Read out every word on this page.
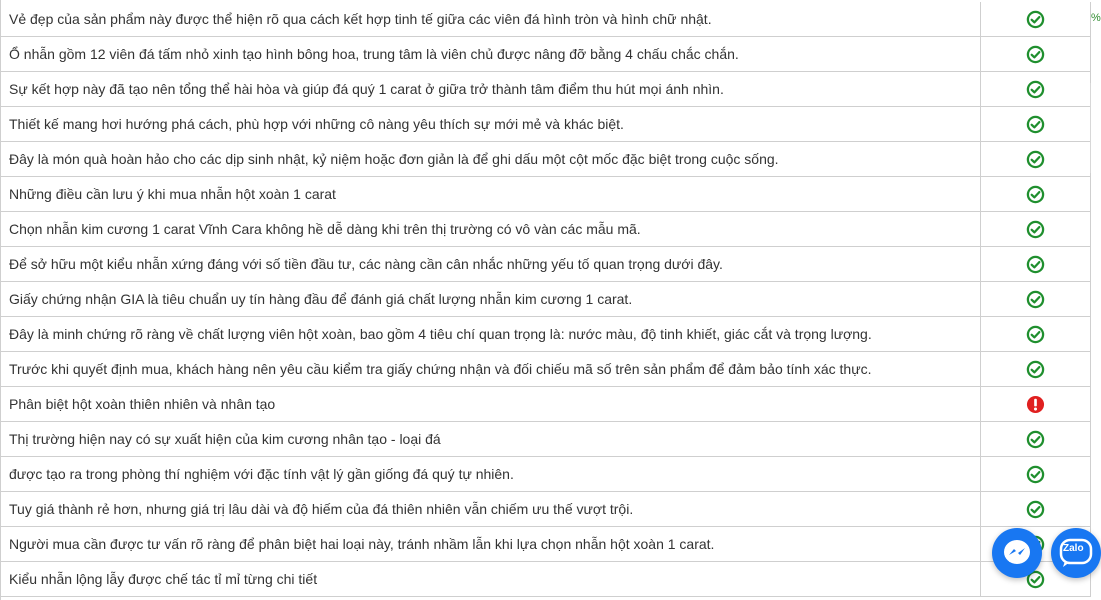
Vẻ đẹp của sản phẩm này được thể hiện rõ qua cách kết hợp tinh tế giữa các viên đá hình tròn và hình chữ nhật.
Ổ nhẫn gồm 12 viên đá tấm nhỏ xinh tạo hình bông hoa, trung tâm là viên chủ được nâng đỡ bằng 4 chấu chắc chắn.
Sự kết hợp này đã tạo nên tổng thể hài hòa và giúp đá quý 1 carat ở giữa trở thành tâm điểm thu hút mọi ánh nhìn.
Thiết kế mang hơi hướng phá cách, phù hợp với những cô nàng yêu thích sự mới mẻ và khác biệt.
Đây là món quà hoàn hảo cho các dịp sinh nhật, kỷ niệm hoặc đơn giản là để ghi dấu một cột mốc đặc biệt trong cuộc sống.
Những điều cần lưu ý khi mua nhẫn hột xoàn 1 carat
Chọn nhẫn kim cương 1 carat Vĩnh Cara không hề dễ dàng khi trên thị trường có vô vàn các mẫu mã.
Để sở hữu một kiểu nhẫn xứng đáng với số tiền đầu tư, các nàng cần cân nhắc những yếu tố quan trọng dưới đây.
Giấy chứng nhận GIA là tiêu chuẩn uy tín hàng đầu để đánh giá chất lượng nhẫn kim cương 1 carat.
Đây là minh chứng rõ ràng về chất lượng viên hột xoàn, bao gồm 4 tiêu chí quan trọng là: nước màu, độ tinh khiết, giác cắt và trọng lượng.
Trước khi quyết định mua, khách hàng nên yêu cầu kiểm tra giấy chứng nhận và đối chiếu mã số trên sản phẩm để đảm bảo tính xác thực.
Phân biệt hột xoàn thiên nhiên và nhân tạo
Thị trường hiện nay có sự xuất hiện của kim cương nhân tạo - loại đá
được tạo ra trong phòng thí nghiệm với đặc tính vật lý gần giống đá quý tự nhiên.
Tuy giá thành rẻ hơn, nhưng giá trị lâu dài và độ hiếm của đá thiên nhiên vẫn chiếm ưu thế vượt trội.
Người mua cần được tư vấn rõ ràng để phân biệt hai loại này, tránh nhầm lẫn khi lựa chọn nhẫn hột xoàn 1 carat.
Kiểu nhẫn lộng lẫy được chế tác tỉ mỉ từng chi tiết
%
Zalo
